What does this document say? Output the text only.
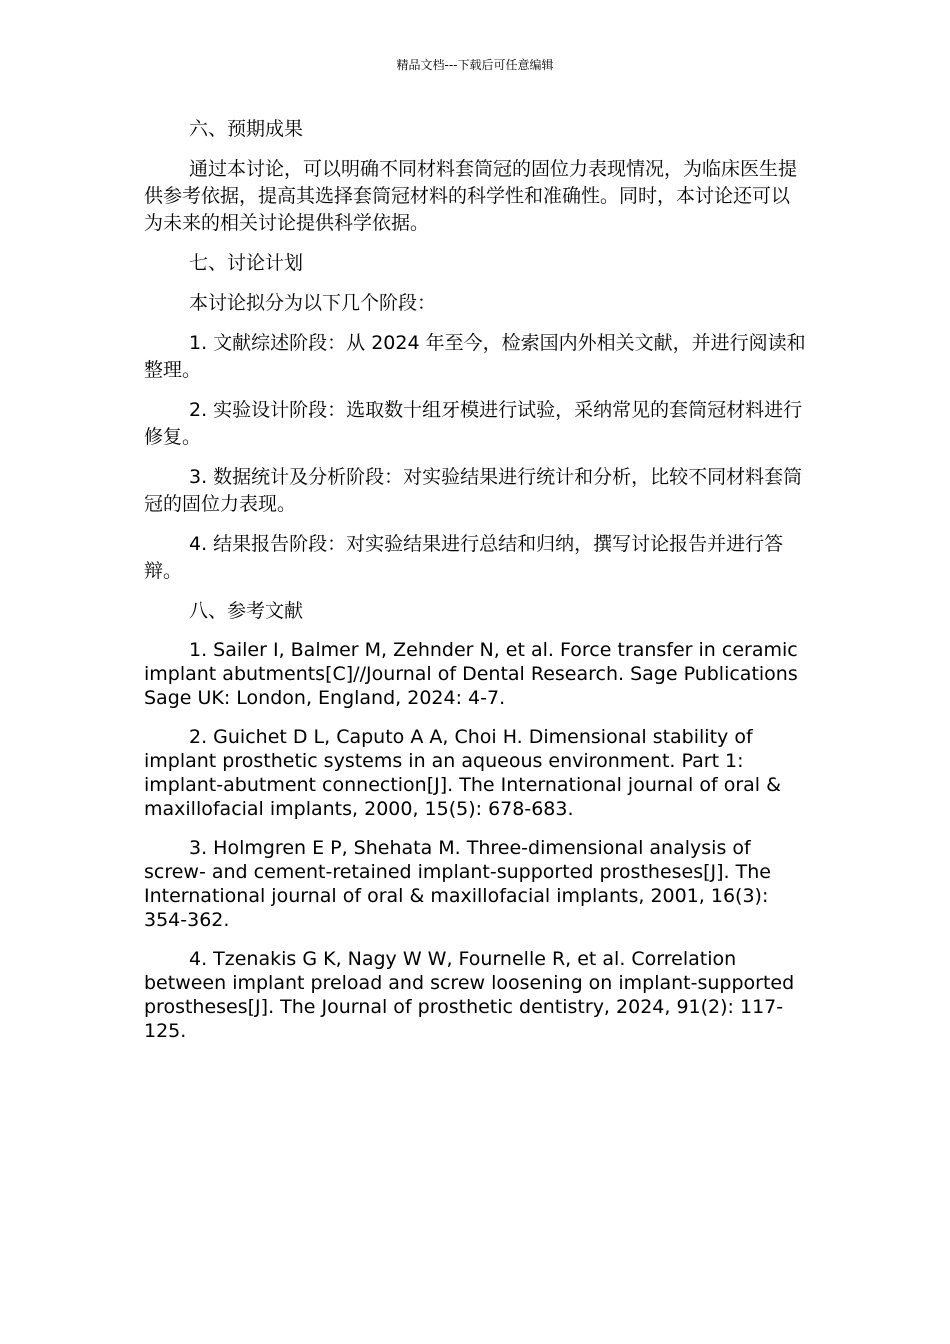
精品文档---下载后可任意编辑

六、预期成果

通过本讨论，可以明确不同材料套筒冠的固位力表现情况，为临床医生提供参考依据，提高其选择套筒冠材料的科学性和准确性。同时，本讨论还可以为未来的相关讨论提供科学依据。

七、讨论计划

本讨论拟分为以下几个阶段：

1. 文献综述阶段：从 2024 年至今，检索国内外相关文献，并进行阅读和整理。

2. 实验设计阶段：选取数十组牙模进行试验，采纳常见的套筒冠材料进行修复。

3. 数据统计及分析阶段：对实验结果进行统计和分析，比较不同材料套筒冠的固位力表现。

4. 结果报告阶段：对实验结果进行总结和归纳，撰写讨论报告并进行答辩。

八、参考文献

1. Sailer I, Balmer M, Zehnder N, et al. Force transfer in ceramic implant abutments[C]//Journal of Dental Research. Sage Publications Sage UK: London, England, 2024: 4-7.

2. Guichet D L, Caputo A A, Choi H. Dimensional stability of implant prosthetic systems in an aqueous environment. Part 1: implant-abutment connection[J]. The International journal of oral & maxillofacial implants, 2000, 15(5): 678-683.

3. Holmgren E P, Shehata M. Three-dimensional analysis of screw- and cement-retained implant-supported prostheses[J]. The International journal of oral & maxillofacial implants, 2001, 16(3): 354-362.

4. Tzenakis G K, Nagy W W, Fournelle R, et al. Correlation between implant preload and screw loosening on implant-supported prostheses[J]. The Journal of prosthetic dentistry, 2024, 91(2): 117-125.
